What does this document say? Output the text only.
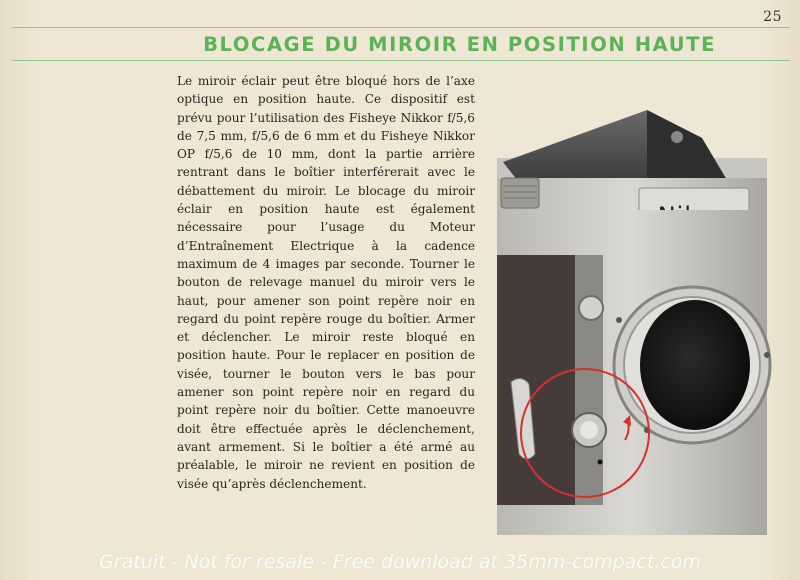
25
BLOCAGE DU MIROIR EN POSITION HAUTE
Le miroir éclair peut être bloqué hors de l’axe optique en position haute. Ce dispositif est prévu pour l’utilisation des Fisheye Nikkor f/5,6 de 7,5 mm, f/5,6 de 6 mm et du Fisheye Nikkor OP f/5,6 de 10 mm, dont la partie arrière rentrant dans le boîtier interférerait avec le débattement du miroir. Le blocage du miroir éclair en position haute est également nécessaire pour l’usage du Moteur d’Entraînement Electrique à la cadence maximum de 4 images par seconde. Tourner le bouton de relevage manuel du miroir vers le haut, pour amener son point repère noir en regard du point repère rouge du boîtier. Armer et déclencher. Le miroir reste bloqué en position haute. Pour le replacer en position de visée, tourner le bouton vers le bas pour amener son point repère noir en regard du point repère noir du boîtier. Cette manoeuvre doit être effectuée après le déclenchement, avant armement. Si le boîtier a été armé au préalable, le miroir ne revient en position de visée qu’après déclenchement.
Gratuit - Not for resale - Free download at 35mm-compact.com
